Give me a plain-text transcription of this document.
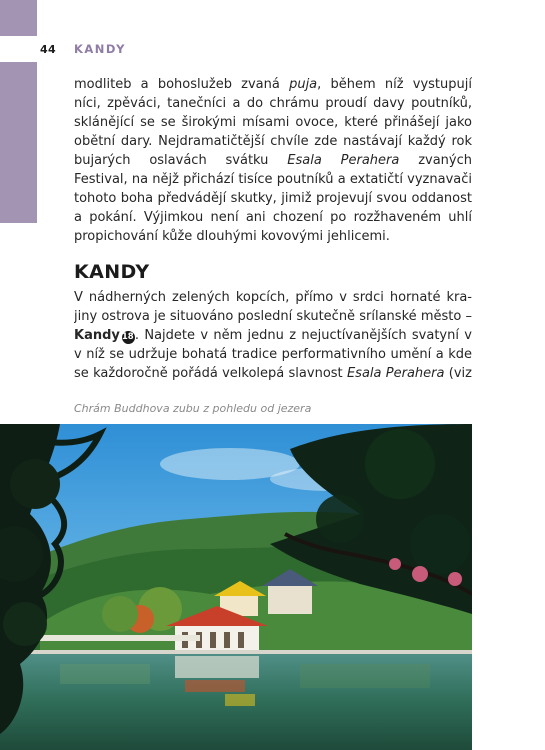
44 KANDY
modliteb a bohoslužeb zvaná puja, během níž vystupují
níci, zpěváci, tanečníci a do chrámu proudí davy poutníků,
sklánějící se se širokými mísami ovoce, které přinášejí jako
obětní dary. Nejdramatičtější chvíle zde nastávají každý rok
bujarých oslavách svátku Esala Perahera zvaných
Festival, na nějž přichází tisíce poutníků a extatičtí vyznavači
tohoto boha předvádějí skutky, jimiž projevují svou oddanost
a pokání. Výjimkou není ani chození po rozžhaveném uhlí
propichování kůže dlouhými kovovými jehlicemi.
KANDY
V nádherných zelených kopcích, přímo v srdci hornaté kra-
jiny ostrova je situováno poslední skutečně srílanské město –
Kandy 18. Najdete v něm jednu z nejuctívanějších svatyní v
v níž se udržuje bohatá tradice performativního umění a kde
se každoročně pořádá velkolepá slavnost Esala Perahera (viz
Chrám Buddhova zubu z pohledu od jezera
